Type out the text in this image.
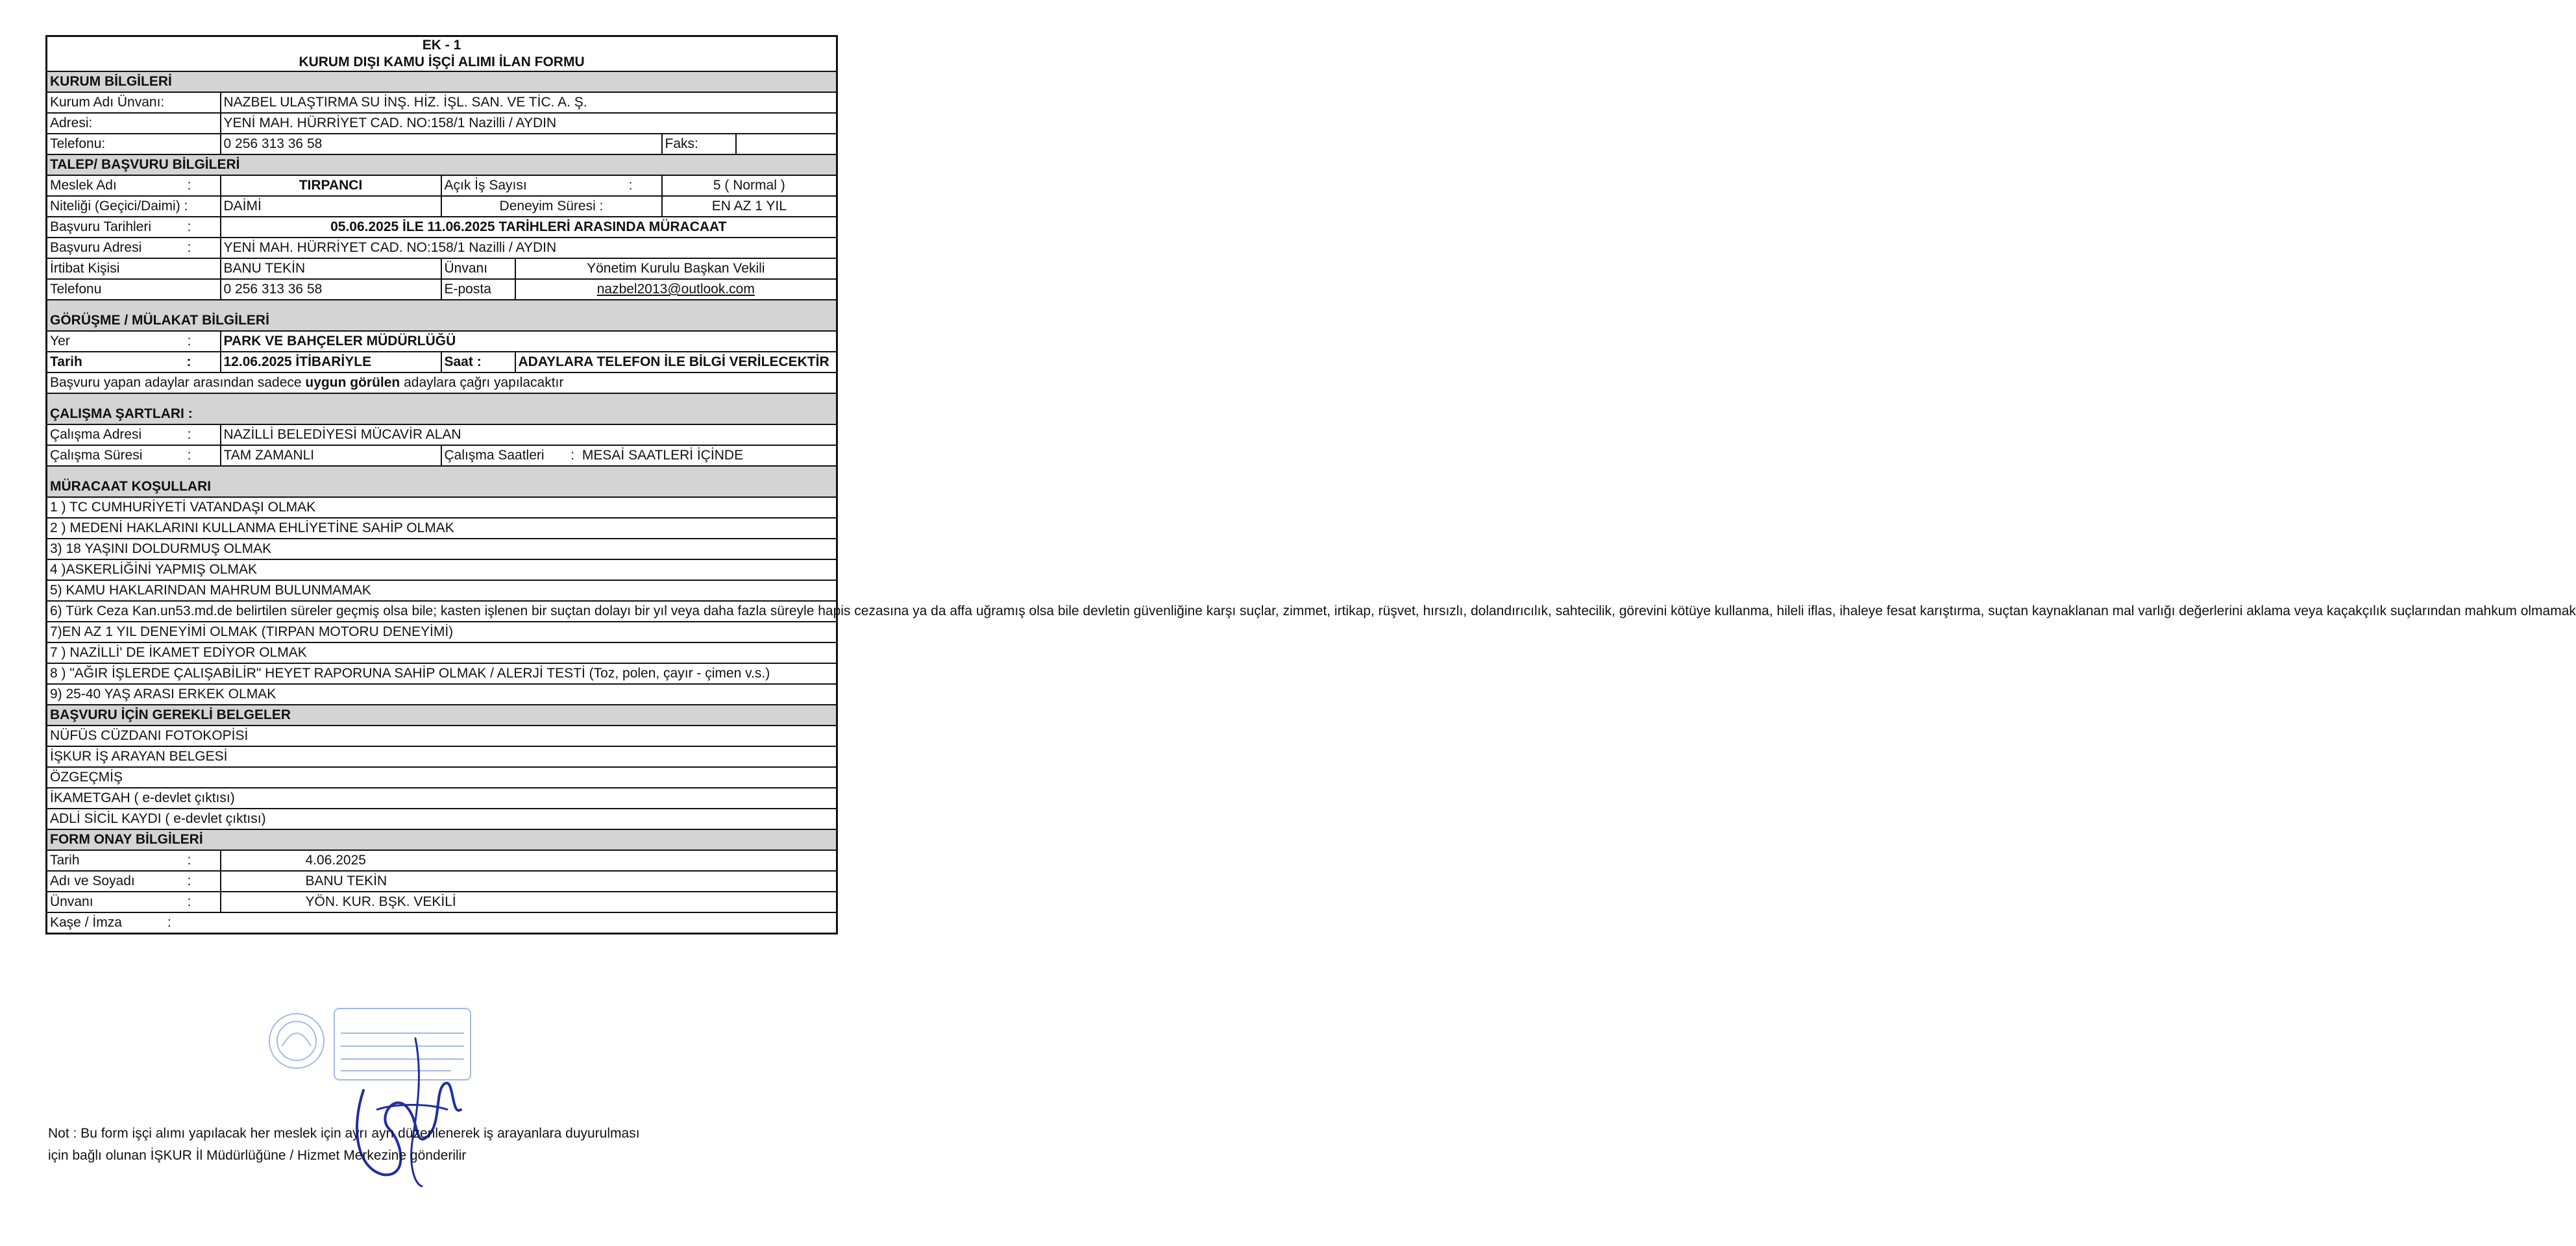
EK - 1
KURUM DIŞI KAMU İŞÇİ ALIMI İLAN FORMU					

KURUM BİLGİLERİ					
Kurum Adı Ünvanı:	NAZBEL ULAŞTIRMA SU İNŞ. HİZ. İŞL. SAN. VE TİC. A. Ş.				
Adresi:	YENİ MAH. HÜRRİYET CAD. NO:158/1 Nazilli / AYDIN				
Telefonu:	0 256 313 36 58			Faks:	
TALEP/ BAŞVURU BİLGİLERİ					
Meslek Adı :	TIRPANCI	Açık İş Sayısı :		5 ( Normal )	
Niteliği (Geçici/Daimi) :	DAİMİ	Deneyim Süresi :		EN AZ 1 YIL	
Başvuru Tarihleri :	05.06.2025 İLE 11.06.2025 TARİHLERİ ARASINDA MÜRACAAT				
Başvuru Adresi :	YENİ MAH. HÜRRİYET CAD. NO:158/1 Nazilli / AYDIN				
İrtibat Kişisi	BANU TEKİN	Ünvanı	Yönetim Kurulu Başkan Vekili		
Telefonu	0 256 313 36 58	E-posta	nazbel2013@outlook.com		
GÖRÜŞME / MÜLAKAT BİLGİLERİ					
Yer :	PARK VE BAHÇELER MÜDÜRLÜĞÜ				
Tarih :	12.06.2025 İTİBARİYLE	Saat :	ADAYLARA TELEFON İLE BİLGİ VERİLECEKTİR		
Başvuru yapan adaylar arasından sadece uygun görülen adaylara çağrı yapılacaktır					
ÇALIŞMA ŞARTLARI :					
Çalışma Adresi :	NAZİLLİ BELEDİYESİ MÜCAVİR ALAN				
Çalışma Süresi :	TAM ZAMANLI	Çalışma Saatleri : MESAİ SAATLERİ İÇİNDE			
MÜRACAAT KOŞULLARI					
1 ) TC CUMHURİYETİ VATANDAŞI OLMAK					
2 ) MEDENİ HAKLARINI KULLANMA EHLİYETİNE SAHİP OLMAK					
3) 18 YAŞINI DOLDURMUŞ OLMAK					
4 )ASKERLİĞİNİ YAPMIŞ OLMAK					
5) KAMU HAKLARINDAN MAHRUM BULUNMAMAK					
6) Türk Ceza Kan.un53.md.de belirtilen süreler geçmiş olsa bile; kasten işlenen bir suçtan dolayı bir yıl veya daha fazla süreyle hapis cezasına ya da affa uğramış olsa bile devletin güvenliğine karşı suçlar, zimmet, irtikap, rüşvet, hırsızlı, dolandırıcılık, sahtecilik, görevini kötüye kullanma, hileli iflas, ihaleye fesat karıştırma, suçtan kaynaklanan mal varlığı değerlerini aklama veya kaçakçılık suçlarından mahkum olmamak					
7)EN AZ 1 YIL DENEYİMİ OLMAK (TIRPAN MOTORU DENEYİMİ)					
7 ) NAZİLLİ' DE İKAMET EDİYOR OLMAK					
8 ) "AĞIR İŞLERDE ÇALIŞABİLİR" HEYET RAPORUNA SAHİP OLMAK / ALERJİ TESTİ (Toz, polen, çayır - çimen v.s.)					
9) 25-40 YAŞ ARASI ERKEK OLMAK					
BAŞVURU İÇİN GEREKLİ BELGELER					
NÜFÜS CÜZDANI FOTOKOPİSİ					
İŞKUR İŞ ARAYAN BELGESİ					
ÖZGEÇMİŞ					
İKAMETGAH ( e-devlet çıktısı)					
ADLİ SİCİL KAYDI ( e-devlet çıktısı)					
FORM ONAY BİLGİLERİ					
Tarih :	4.06.2025				
Adı ve Soyadı :	BANU TEKİN				
Ünvanı :	YÖN. KUR. BŞK. VEKİLİ				
Kaşe / İmza :					
Not : Bu form işçi alımı yapılacak her meslek için ayrı ayrı düzenlenerek iş arayanlara duyurulması
için bağlı olunan İŞKUR İl Müdürlüğüne / Hizmet Merkezine gönderilir
